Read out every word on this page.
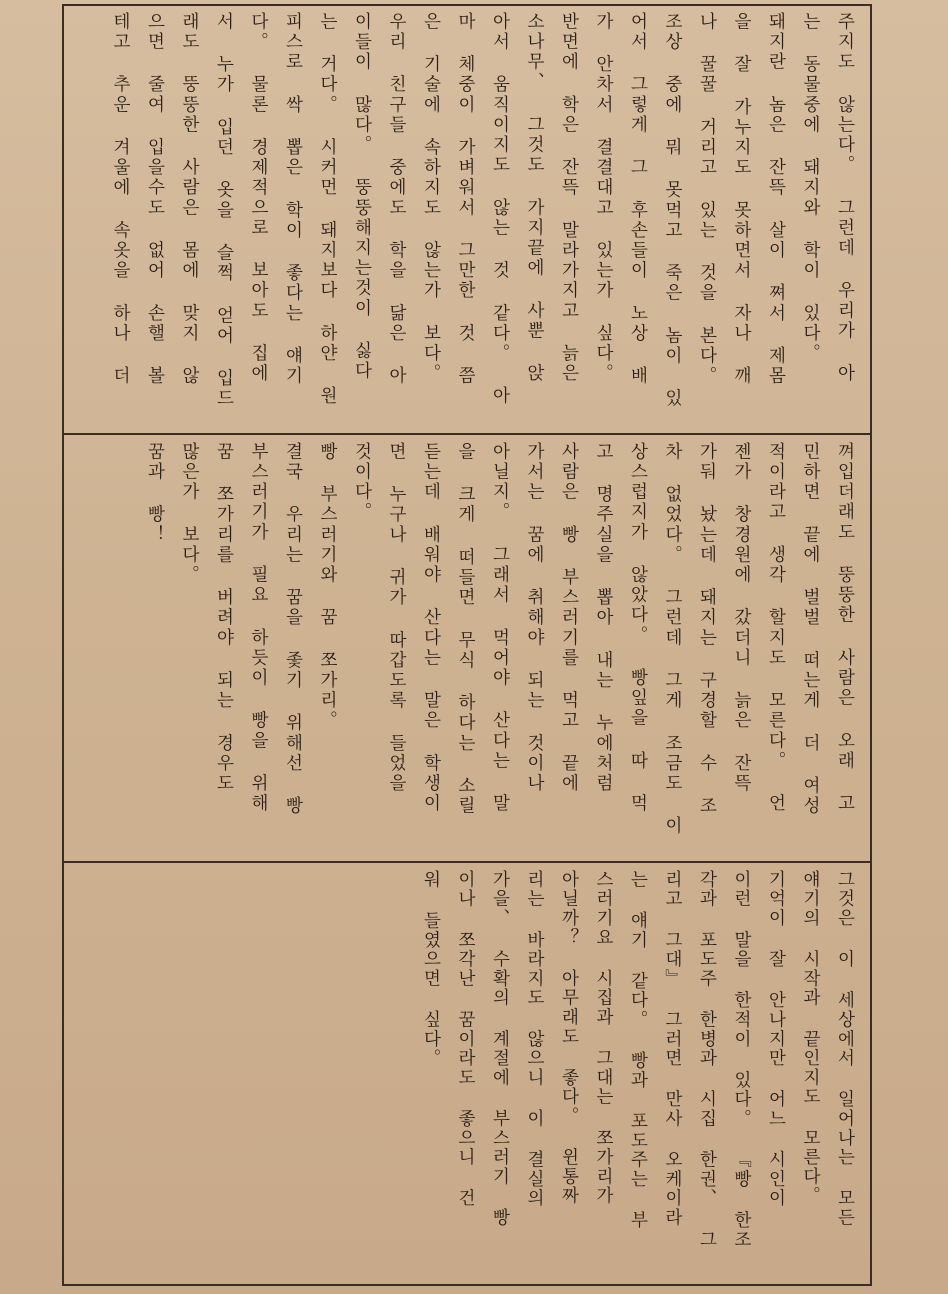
주지도 않는다。 그런데 우리가 아
는 동물중에 돼지와 학이 있다。
돼지란 놈은 잔뜩 살이 쪄서 제몸
을 잘 가누지도 못하면서 자나 깨
나 꿀꿀 거리고 있는 것을 본다。
조상 중에 뭐 못먹고 죽은 놈이 있
어서 그렇게 그 후손들이 노상 배
가 안차서 결결대고 있는가 싶다。
반면에 학은 잔뜩 말라가지고 늙은
소나무、 그것도 가지끝에 사뿐 앉
아서 움직이지도 않는 것 같다。 아
마 체중이 가벼워서 그만한 것 쯤
은 기술에 속하지도 않는가 보다。
우리 친구들 중에도 학을 닮은 아
이들이 많다。 뚱뚱해지는것이 싫다
는 거다。 시커먼 돼지보다 하얀 원
피스로 싹 뽑은 학이 좋다는 얘기
다。 물론 경제적으로 보아도 집에
서 누가 입던 옷을 슬쩍 얻어 입드
래도 뚱뚱한 사람은 몸에 맞지 않
으면 줄여 입을수도 없어 손핼 볼
테고 추운 겨울에 속옷을 하나 더
껴입더래도 뚱뚱한 사람은 오래 고
민하면 끝에 벌벌 떠는게 더 여성
적이라고 생각 할지도 모른다。 언
젠가 창경원에 갔더니 늙은 잔뜩
가둬 놨는데 돼지는 구경할 수 조
차 없었다。 그런데 그게 조금도 이
상스럽지가 않았다。 빵잎을 따 먹
고 명주실을 뽑아 내는 누에처럼
사람은 빵 부스러기를 먹고 끝에
가서는 꿈에 취해야 되는 것이나
아닐지。 그래서 먹어야 산다는 말
을 크게 떠들면 무식 하다는 소릴
듣는데 배워야 산다는 말은 학생이
면 누구나 귀가 따갑도록 들었을
것이다。
빵 부스러기와 꿈 쪼가리。
결국 우리는 꿈을 좇기 위해선 빵
부스러기가 필요 하듯이 빵을 위해
꿈 쪼가리를 버려야 되는 경우도
많은가 보다。
꿈과 빵！
그것은 이 세상에서 일어나는 모든
얘기의 시작과 끝인지도 모른다。
기억이 잘 안나지만 어느 시인이
이런 말을 한적이 있다。 『빵 한조
각과 포도주 한병과 시집 한권、 그
리고 그대』 그러면 만사 오케이라
는 얘기 같다。 빵과 포도주는 부
스러기요 시집과 그대는 쪼가리가
아닐까？ 아무래도 좋다。 윈통짜
리는 바라지도 않으니 이 결실의
가을、 수확의 계절에 부스러기 빵
이나 쪼각난 꿈이라도 좋으니 건
워 들였으면 싶다。
